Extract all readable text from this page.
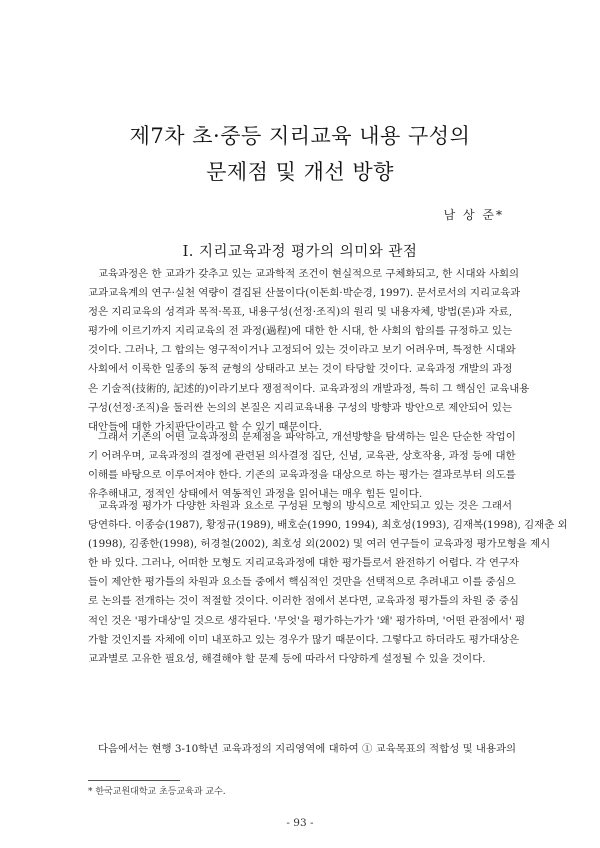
제7차 초·중등 지리교육 내용 구성의
문제점 및 개선 방향

남 상 준*

Ⅰ. 지리교육과정 평가의 의미와 관점
교육과정은 한 교과가 갖추고 있는 교과학적 조건이 현실적으로 구체화되고, 한 시대와 사회의
교과교육계의 연구·실천 역량이 결집된 산물이다(이돈희·박순경, 1997). 문서로서의 지리교육과
정은 지리교육의 성격과 목적·목표, 내용구성(선정·조직)의 원리 및 내용자체, 방법(론)과 자료,
평가에 이르기까지 지리교육의 전 과정(過程)에 대한 한 시대, 한 사회의 합의를 규정하고 있는
것이다. 그러나, 그 합의는 영구적이거나 고정되어 있는 것이라고 보기 어려우며, 특정한 시대와
사회에서 이룩한 일종의 동적 균형의 상태라고 보는 것이 타당할 것이다. 교육과정 개발의 과정
은 기술적(技術的, 記述的)이라기보다 쟁점적이다. 교육과정의 개발과정, 특히 그 핵심인 교육내용
구성(선정·조직)을 둘러싼 논의의 본질은 지리교육내용 구성의 방향과 방안으로 제안되어 있는
대안들에 대한 가치판단이라고 할 수 있기 때문이다.
그래서 기존의 어떤 교육과정의 문제점을 파악하고, 개선방향을 탐색하는 일은 단순한 작업이
기 어려우며, 교육과정의 결정에 관련된 의사결정 집단, 신념, 교육관, 상호작용, 과정 등에 대한
이해를 바탕으로 이루어져야 한다. 기존의 교육과정을 대상으로 하는 평가는 결과로부터 의도를
유추해내고, 정적인 상태에서 역동적인 과정을 읽어내는 매우 힘든 일이다.
교육과정 평가가 다양한 차원과 요소로 구성된 모형의 방식으로 제안되고 있는 것은 그래서
당연하다. 이종승(1987), 황정규(1989), 배호순(1990, 1994), 최호성(1993), 김재복(1998), 김재춘 외
(1998), 김종한(1998), 허경철(2002), 최호성 외(2002) 및 여러 연구들이 교육과정 평가모형을 제시
한 바 있다. 그러나, 어떠한 모형도 지리교육과정에 대한 평가틀로서 완전하기 어렵다. 각 연구자
들이 제안한 평가틀의 차원과 요소들 중에서 핵심적인 것만을 선택적으로 추려내고 이를 중심으
로 논의를 전개하는 것이 적절할 것이다. 이러한 점에서 본다면, 교육과정 평가틀의 차원 중 중심
적인 것은 '평가대상'일 것으로 생각된다. '무엇'을 평가하는가가 '왜' 평가하며, '어떤 관점에서' 평
가할 것인지를 자체에 이미 내포하고 있는 경우가 많기 때문이다. 그렇다고 하더라도 평가대상은
교과별로 고유한 필요성, 해결해야 할 문제 등에 따라서 다양하게 설정될 수 있을 것이다.
다음에서는 현행 3-10학년 교육과정의 지리영역에 대하여 ① 교육목표의 적합성 및 내용과의

* 한국교원대학교 초등교육과 교수.

- 93 -
